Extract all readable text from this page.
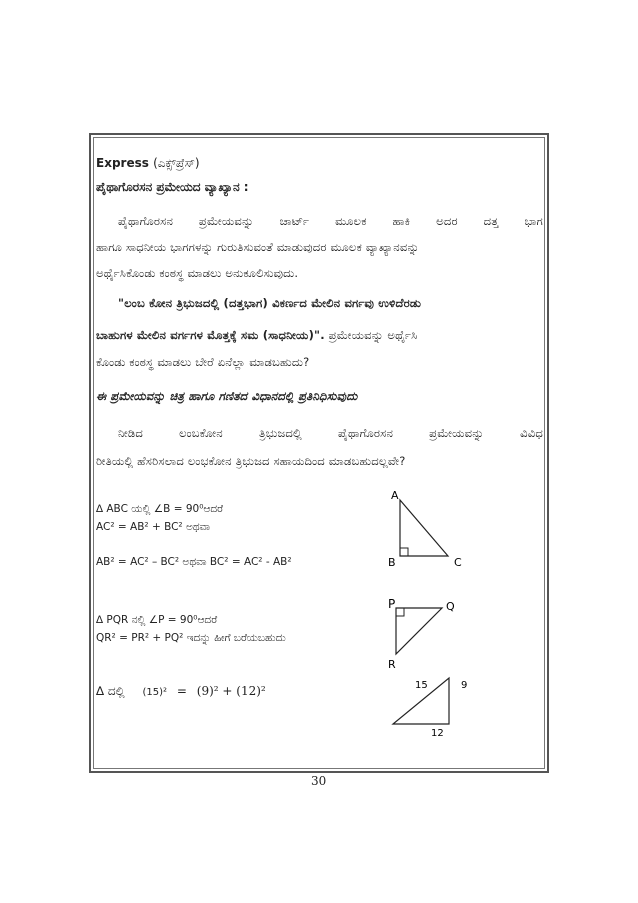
Express (ಎಕ್ಸ್‌ಪ್ರೆಸ್)
ಪೈಥಾಗೊರಸನ ಪ್ರಮೇಯದ ವ್ಯಾಖ್ಯಾನ :
ಪೈಥಾಗೊರಸನ ಪ್ರಮೇಯವನ್ನು ಚಾರ್ಟ್ ಮೂಲಕ ಹಾಕಿ ಅದರ ದತ್ತ ಭಾಗ
ಹಾಗೂ ಸಾಧನೀಯ ಭಾಗಗಳನ್ನು ಗುರುತಿಸುವಂತೆ ಮಾಡುವುದರ ಮೂಲಕ ವ್ಯಾಖ್ಯಾನವನ್ನು
ಅರ್ಥೈಸಿಕೊಂಡು ಕಂಠಸ್ಥ ಮಾಡಲು ಅನುಕೂಲಿಸುವುದು.
"ಲಂಬ ಕೋನ ತ್ರಿಭುಜದಲ್ಲಿ (ದತ್ತಭಾಗ) ವಿಕರ್ಣದ ಮೇಲಿನ ವರ್ಗವು ಉಳಿದೆರಡು
ಬಾಹುಗಳ ಮೇಲಿನ ವರ್ಗಗಳ ಮೊತ್ತಕ್ಕೆ ಸಮ (ಸಾಧನೀಯ)". ಪ್ರಮೇಯವನ್ನು ಅರ್ಥೈಸಿ
ಕೊಂಡು ಕಂಠಸ್ಥ ಮಾಡಲು ಬೇರೆ ಏನೆಲ್ಲಾ ಮಾಡಬಹುದು?
ಈ ಪ್ರಮೇಯವನ್ನು ಚಿತ್ರ ಹಾಗೂ ಗಣಿತದ ವಿಧಾನದಲ್ಲಿ ಪ್ರತಿನಿಧಿಸುವುದು
ನೀಡಿದ	ಲಂಬಕೋನ	ತ್ರಿಭುಜದಲ್ಲಿ	ಪೈಥಾಗೊರಸನ	ಪ್ರಮೇಯವನ್ನು	ವಿವಿಧ
ರೀತಿಯಲ್ಲಿ ಹೆಸರಿಸಲಾದ ಲಂಭಕೋನ ತ್ರಿಭುಜದ ಸಹಾಯದಿಂದ ಮಾಡಬಹುದಲ್ಲವೇ?
∆ ABC ಯಲ್ಲಿ ∠B = 90⁰ಆದರೆ
AC² = AB² + BC² ಅಥವಾ
AB² = AC² – BC² ಅಥವಾ BC² = AC² - AB²
A
B	C
∆ PQR ನಲ್ಲಿ ∠P = 90⁰ಆದರೆ
QR² = PR² + PQ² ಇದನ್ನು ಹೀಗೆ ಬರೆಯಬಹುದು
P	Q
R
∆ ದಲ್ಲಿ (15)² = (9)² + (12)²	15	9
12
30
